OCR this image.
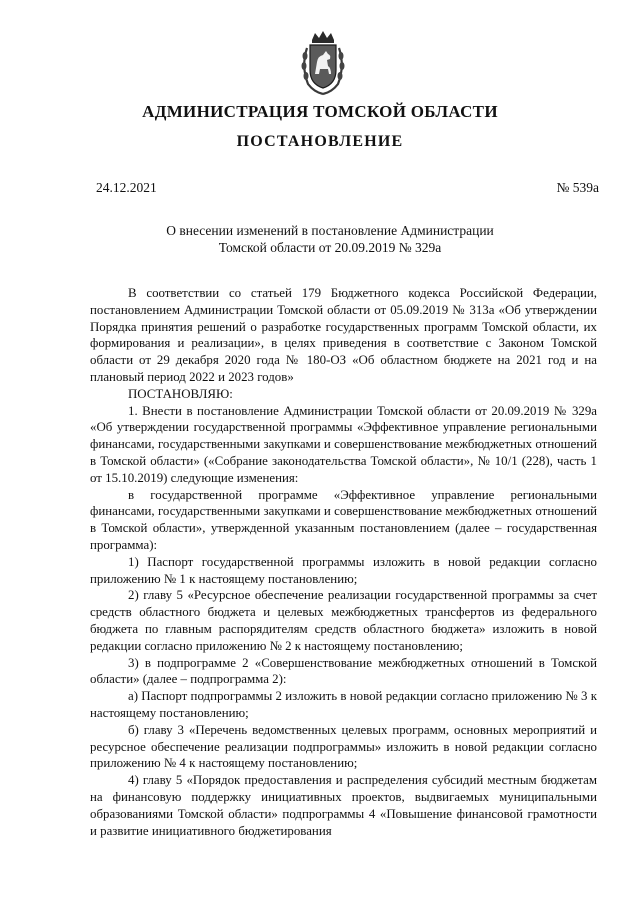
АДМИНИСТРАЦИЯ ТОМСКОЙ ОБЛАСТИ
ПОСТАНОВЛЕНИЕ
24.12.2021	№ 539а
О внесении изменений в постановление Администрации
Томской области от 20.09.2019 № 329а

В соответствии со статьей 179 Бюджетного кодекса Российской Федерации, постановлением Администрации Томской области от 05.09.2019 № 313а «Об утверждении Порядка принятия решений о разработке государственных программ Томской области, их формирования и реализации», в целях приведения в соответствие с Законом Томской области от 29 декабря 2020 года № 180-ОЗ «Об областном бюджете на 2021 год и на плановый период 2022 и 2023 годов»

ПОСТАНОВЛЯЮ:

1. Внести в постановление Администрации Томской области от 20.09.2019 № 329а «Об утверждении государственной программы «Эффективное управление региональными финансами, государственными закупками и совершенствование межбюджетных отношений в Томской области» («Собрание законодательства Томской области», № 10/1 (228), часть 1 от 15.10.2019) следующие изменения:

в государственной программе «Эффективное управление региональными финансами, государственными закупками и совершенствование межбюджетных отношений в Томской области», утвержденной указанным постановлением (далее – государственная программа):

1) Паспорт государственной программы изложить в новой редакции согласно приложению № 1 к настоящему постановлению;

2) главу 5 «Ресурсное обеспечение реализации государственной программы за счет средств областного бюджета и целевых межбюджетных трансфертов из федерального бюджета по главным распорядителям средств областного бюджета» изложить в новой редакции согласно приложению № 2 к настоящему постановлению;

3) в подпрограмме 2 «Совершенствование межбюджетных отношений в Томской области» (далее – подпрограмма 2):

а) Паспорт подпрограммы 2 изложить в новой редакции согласно приложению № 3 к настоящему постановлению;

б) главу 3 «Перечень ведомственных целевых программ, основных мероприятий и ресурсное обеспечение реализации подпрограммы» изложить в новой редакции согласно приложению № 4 к настоящему постановлению;

4) главу 5 «Порядок предоставления и распределения субсидий местным бюджетам на финансовую поддержку инициативных проектов, выдвигаемых муниципальными образованиями Томской области» подпрограммы 4 «Повышение финансовой грамотности и развитие инициативного бюджетирования
